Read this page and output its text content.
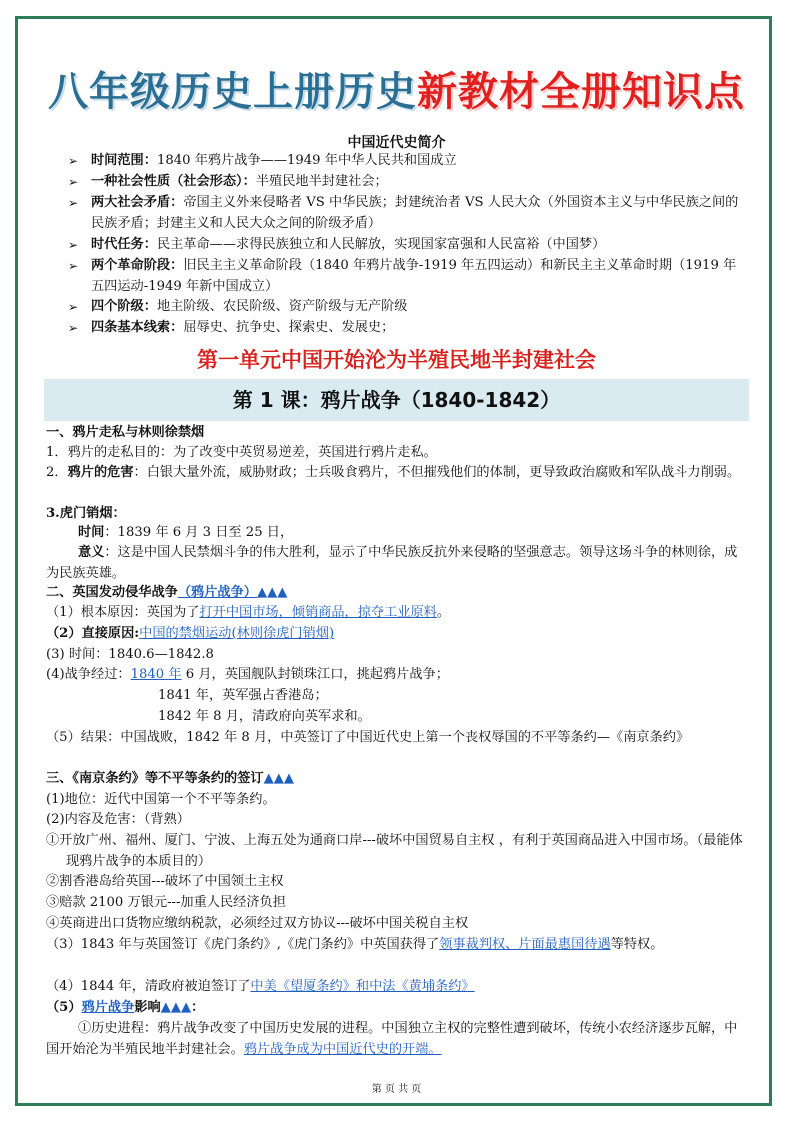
八年级历史上册历史新教材全册知识点
中国近代史简介
➢ 时间范围：1840 年鸦片战争——1949 年中华人民共和国成立
➢ 一种社会性质（社会形态）：半殖民地半封建社会；
➢ 两大社会矛盾：帝国主义外来侵略者 VS 中华民族；封建统治者 VS 人民大众（外国资本主义与中华民族之间的民族矛盾；封建主义和人民大众之间的阶级矛盾）
➢ 时代任务：民主革命——求得民族独立和人民解放，实现国家富强和人民富裕（中国梦）
➢ 两个革命阶段：旧民主主义革命阶段（1840 年鸦片战争-1919 年五四运动）和新民主主义革命时期（1919 年五四运动-1949 年新中国成立）
➢ 四个阶级：地主阶级、农民阶级、资产阶级与无产阶级
➢ 四条基本线索：屈辱史、抗争史、探索史、发展史；
第一单元中国开始沦为半殖民地半封建社会
第 1 课：鸦片战争（1840-1842）
一、鸦片走私与林则徐禁烟
1．鸦片的走私目的：为了改变中英贸易逆差，英国进行鸦片走私。
2．鸦片的危害：白银大量外流，威胁财政；士兵吸食鸦片，不但摧残他们的体制，更导致政治腐败和军队战斗力削弱。
3.虎门销烟：
时间：1839 年 6 月 3 日至 25 日，
意义：这是中国人民禁烟斗争的伟大胜利，显示了中华民族反抗外来侵略的坚强意志。领导这场斗争的林则徐，成为民族英雄。
二、英国发动侵华战争（鸦片战争）▲▲▲
（1）根本原因：英国为了打开中国市场，倾销商品，掠夺工业原料。
（2）直接原因:中国的禁烟运动(林则徐虎门销烟)
(3) 时间：1840.6—1842.8
(4)战争经过：1840 年 6 月，英国舰队封锁珠江口，挑起鸦片战争；
1841 年，英军强占香港岛；
1842 年 8 月，清政府向英军求和。
（5）结果：中国战败，1842 年 8 月，中英签订了中国近代史上第一个丧权辱国的不平等条约—《南京条约》
三、《南京条约》等不平等条约的签订▲▲▲
(1)地位：近代中国第一个不平等条约。
(2)内容及危害：（背熟）
①开放广州、福州、厦门、宁波、上海五处为通商口岸---破坏中国贸易自主权 ，有利于英国商品进入中国市场。（最能体现鸦片战争的本质目的）
②割香港岛给英国---破坏了中国领土主权
③赔款 2100 万银元---加重人民经济负担
④英商进出口货物应缴纳税款，必须经过双方协议---破坏中国关税自主权
（3）1843 年与英国签订《虎门条约》,《虎门条约》中英国获得了领事裁判权、片面最惠国待遇等特权。
（4）1844 年，清政府被迫签订了中美《望厦条约》和中法《黄埔条约》
（5）鸦片战争影响▲▲▲：
①历史进程：鸦片战争改变了中国历史发展的进程。中国独立主权的完整性遭到破坏，传统小农经济逐步瓦解，中国开始沦为半殖民地半封建社会。鸦片战争成为中国近代史的开端。
第 页 共 页
